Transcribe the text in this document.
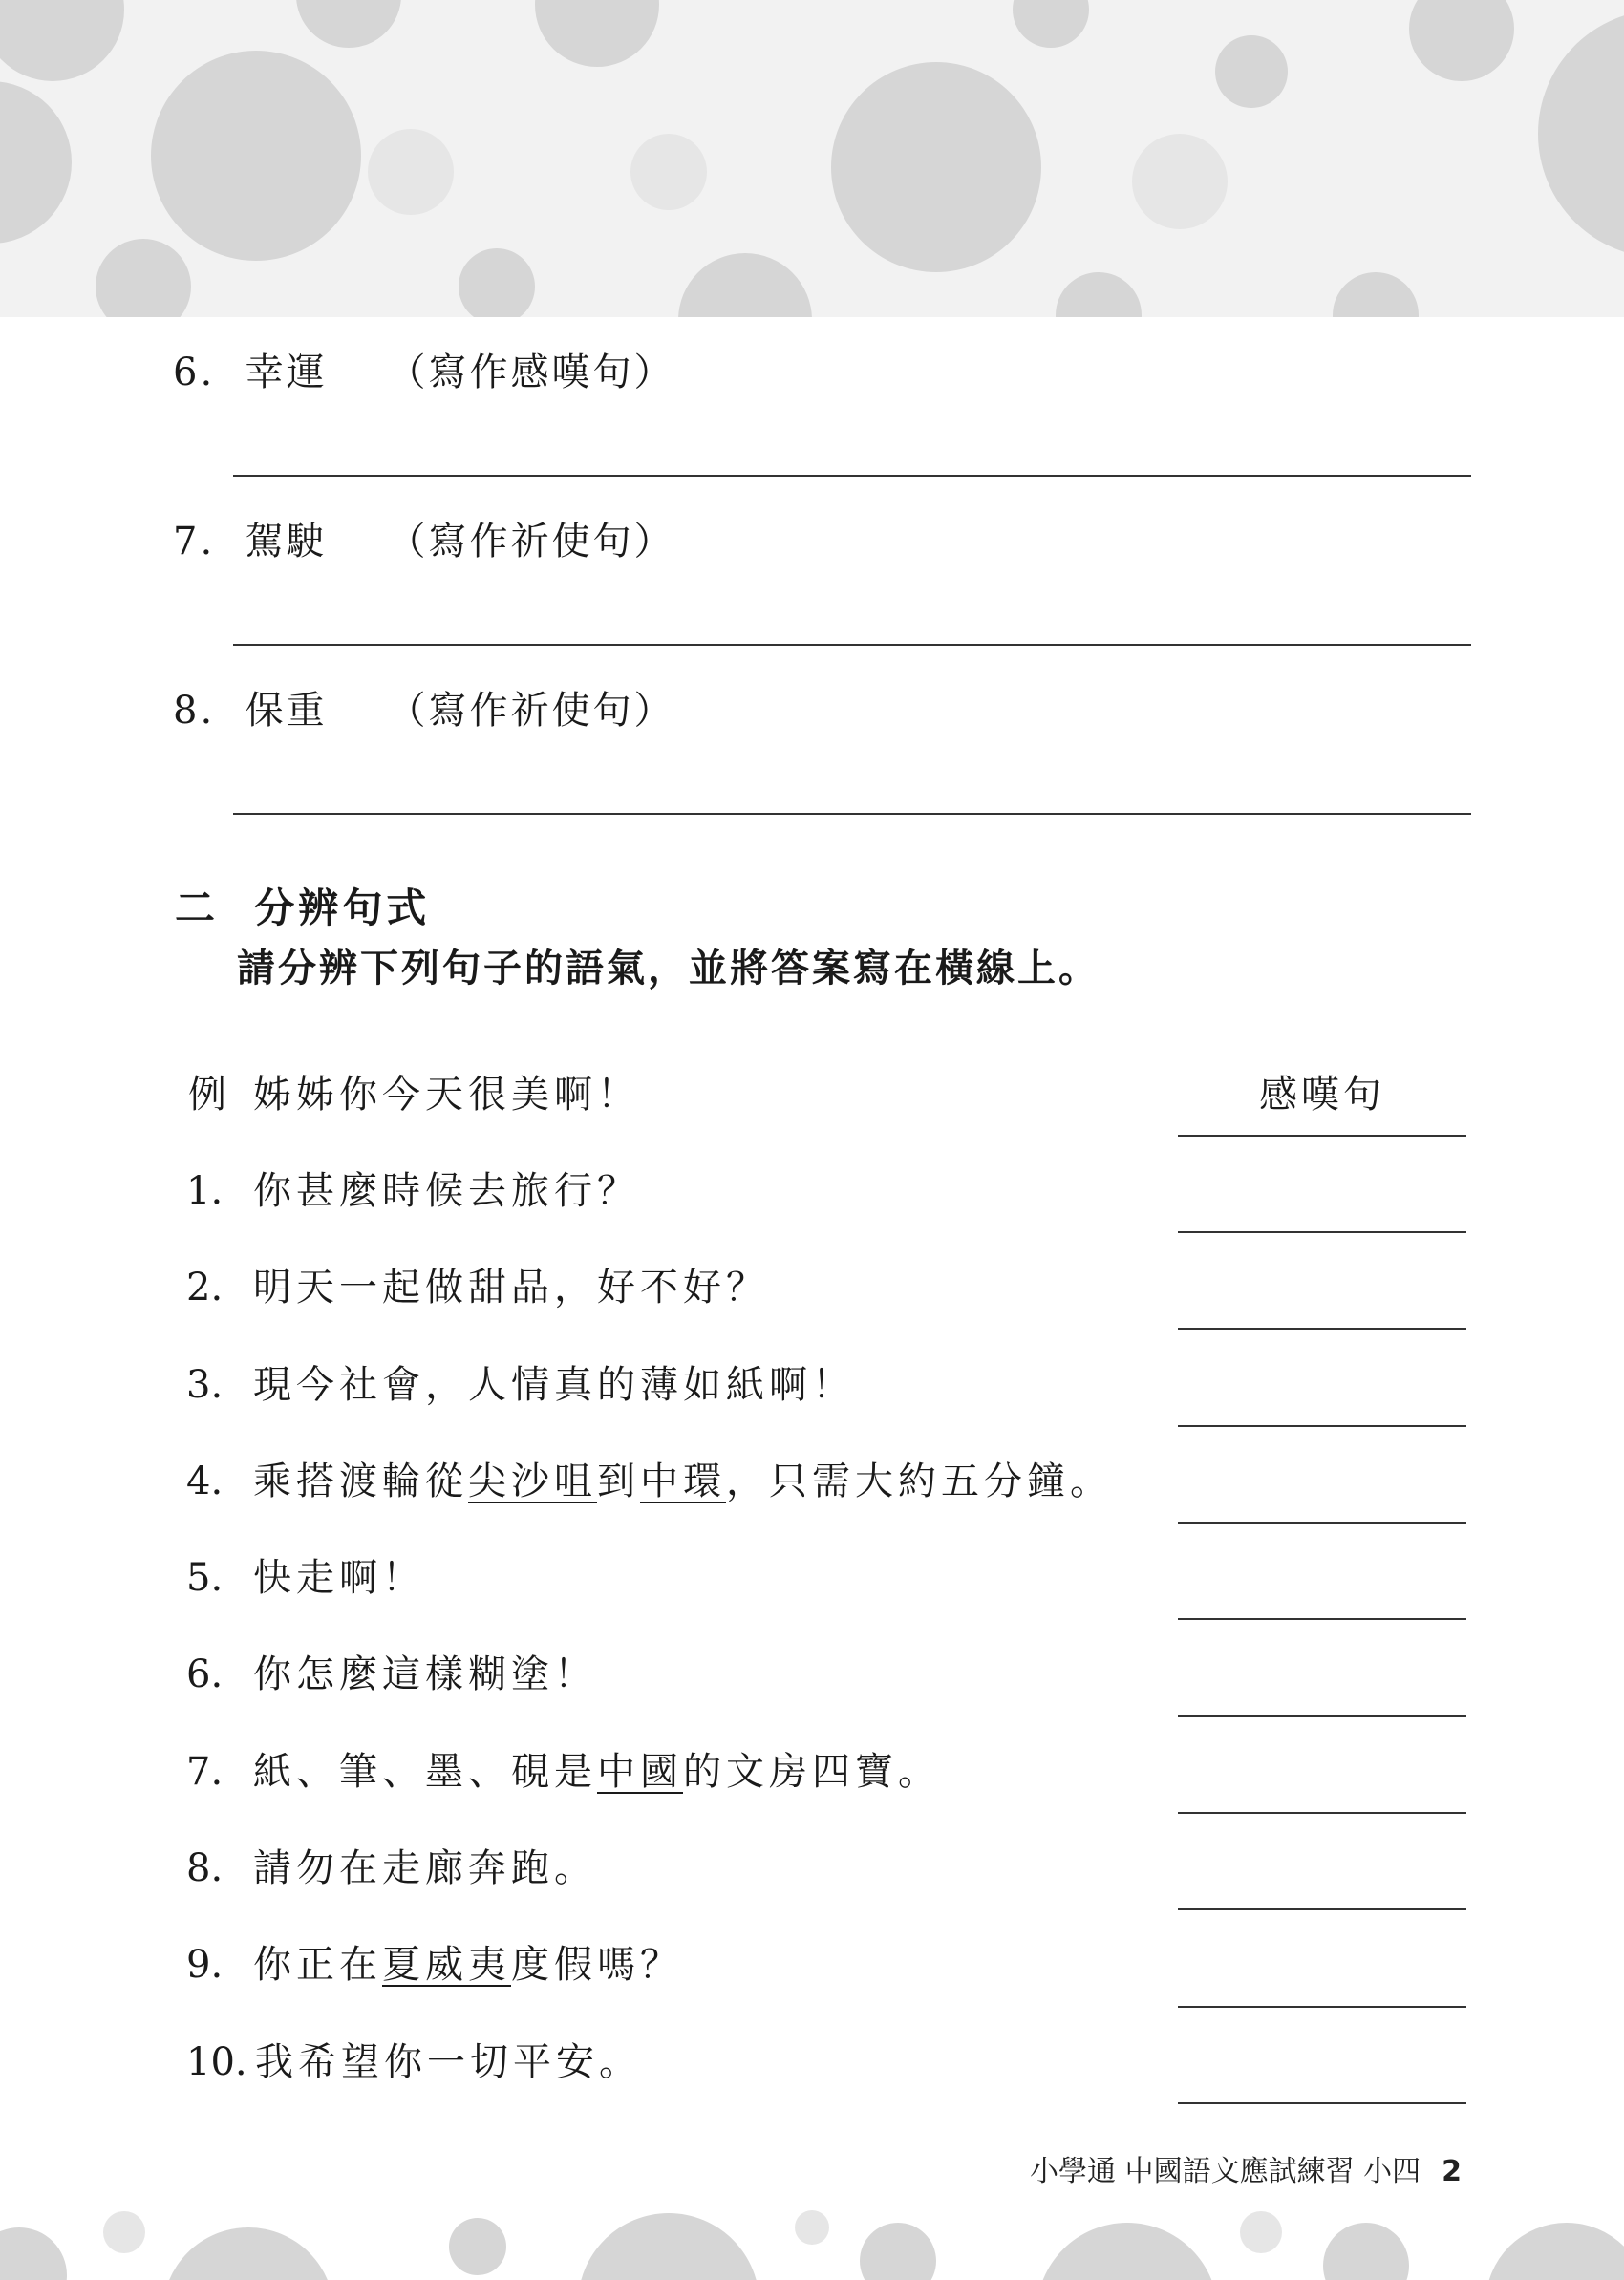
6. 幸運 （寫作感嘆句）
7. 駕駛 （寫作祈使句）
8. 保重 （寫作祈使句）
二 分辨句式
請分辨下列句子的語氣，並將答案寫在橫線上。
例 姊姊你今天很美啊！	感嘆句
1. 你甚麼時候去旅行？
2. 明天一起做甜品，好不好？
3. 現今社會，人情真的薄如紙啊！
4. 乘搭渡輪從尖沙咀到中環，只需大約五分鐘。
5. 快走啊！
6. 你怎麼這樣糊塗！
7. 紙、筆、墨、硯是中國的文房四寶。
8. 請勿在走廊奔跑。
9. 你正在夏威夷度假嗎？
10. 我希望你一切平安。
小學通 中國語文應試練習 小四 2
